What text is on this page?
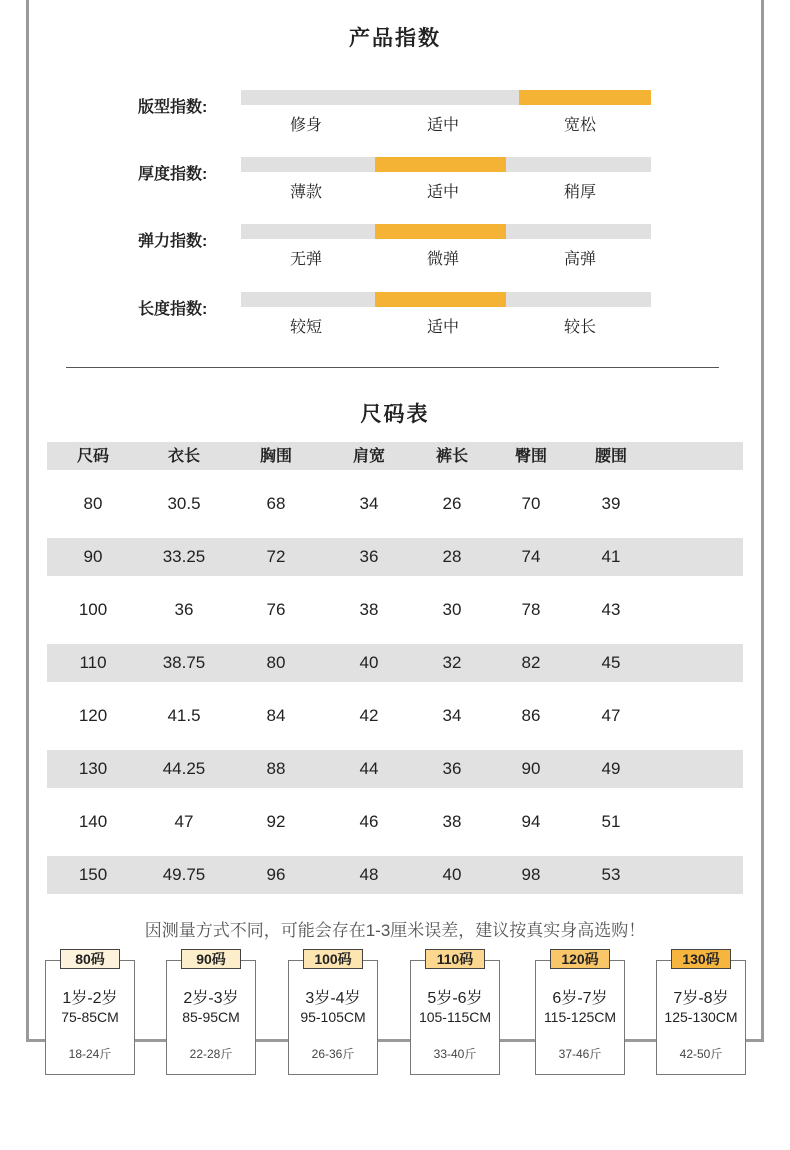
产品指数
版型指数:
修身	适中	宽松
厚度指数:
薄款	适中	稍厚
弹力指数:
无弹	微弹	高弹
长度指数:
较短	适中	较长
尺码表
尺码	衣长	胸围	肩宽	裤长	臀围	腰围
80	30.5	68	34	26	70	39
90	33.25	72	36	28	74	41
100	36	76	38	30	78	43
110	38.75	80	40	32	82	45
120	41.5	84	42	34	86	47
130	44.25	88	44	36	90	49
140	47	92	46	38	94	51
150	49.75	96	48	40	98	53
因测量方式不同，可能会存在1-3厘米误差，建议按真实身高选购！
80码
1岁-2岁
75-85CM
18-24斤
90码
2岁-3岁
85-95CM
22-28斤
100码
3岁-4岁
95-105CM
26-36斤
110码
5岁-6岁
105-115CM
33-40斤
120码
6岁-7岁
115-125CM
37-46斤
130码
7岁-8岁
125-130CM
42-50斤
